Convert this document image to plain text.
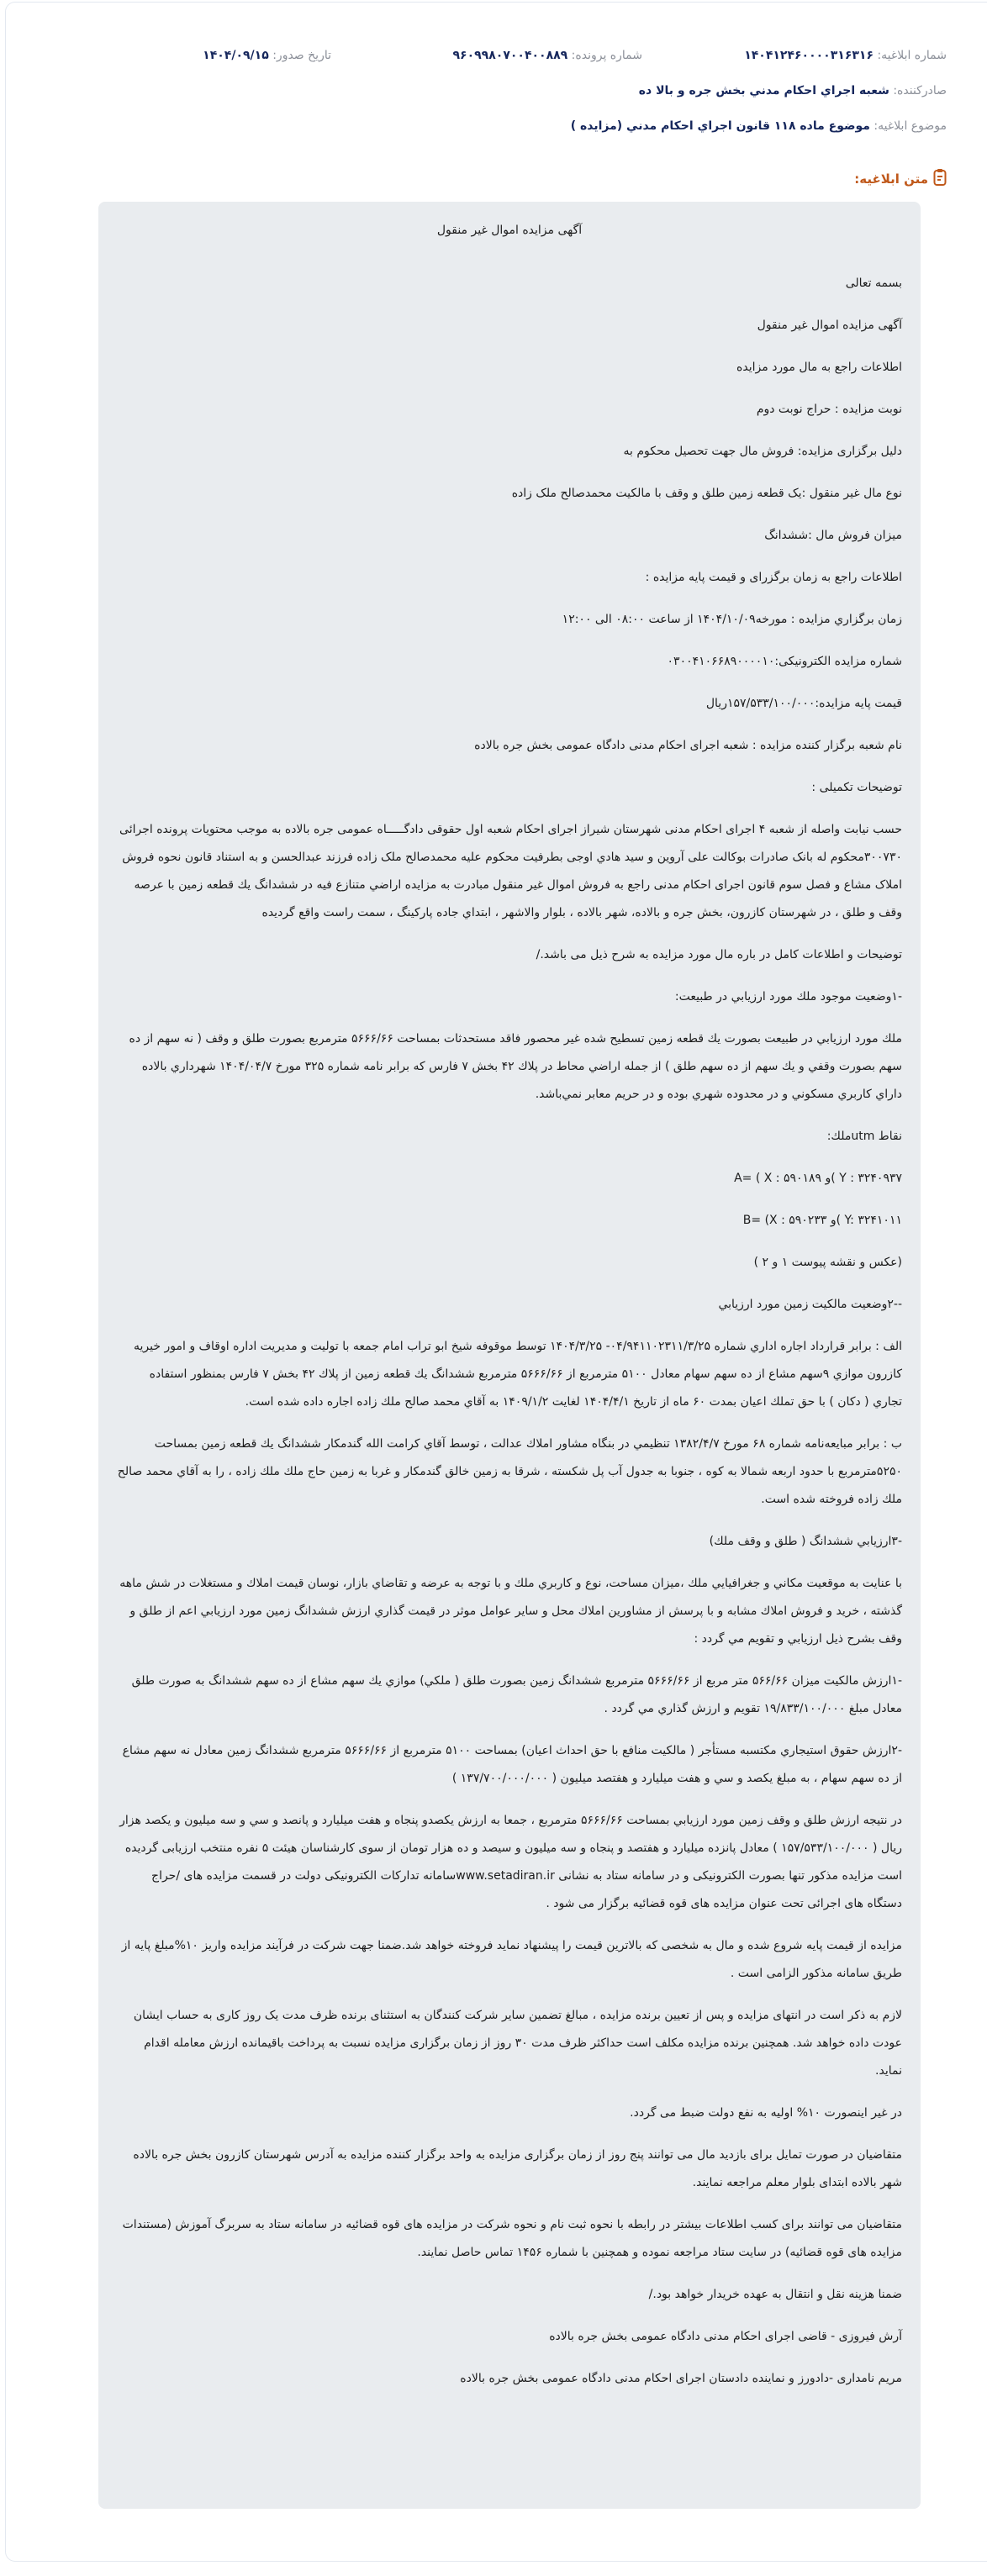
شماره ابلاغیه: ۱۴۰۴۱۲۴۶۰۰۰۰۳۱۶۳۱۶
شماره پرونده: ۹۶۰۹۹۸۰۷۰۰۴۰۰۸۸۹
تاریخ صدور: ۱۴۰۴/۰۹/۱۵
صادرکننده: شعبه اجراي احكام مدني بخش جره و بالا ده
موضوع ابلاغیه: موضوع ماده ۱۱۸ قانون اجراي احكام مدني (مزايده )
متن ابلاغیه:

آگهی مزایده اموال غیر منقول

بسمه تعالی

آگهی مزایده اموال غیر منقول

اطلاعات راجع به مال مورد مزایده

نوبت مزایده : حراج نوبت دوم

دلیل برگزاری مزایده: فروش مال جهت تحصیل محکوم به

نوع مال غیر منقول :یک قطعه زمین طلق و وقف با مالکیت محمدصالح ملک زاده

میزان فروش مال :ششدانگ

اطلاعات راجع به زمان برگزرای و قیمت پایه مزایده :

زمان برگزاري مزایده : مورخه۱۴۰۴/۱۰/۰۹ از ساعت ۰۸:۰۰ الی ۱۲:۰۰

شماره مزایده الکترونیکی:۰۳۰۰۴۱۰۶۶۸۹۰۰۰۰۱۰

قیمت پایه مزایده:۱۵۷/۵۳۳/۱۰۰/۰۰۰ریال

نام شعبه برگزار کننده مزایده : شعبه اجرای احکام مدنی دادگاه عمومی بخش جره بالاده

توضیحات تکمیلی :

حسب نیابت واصله از شعبه ۴ اجرای احکام مدنی شهرستان شیراز اجرای احکام شعبه اول حقوقی دادگـــــاه عمومی جره بالاده به موجب محتویات پرونده اجرائی ۳۰۰۷۳۰محکوم له بانک صادرات بوکالت علی آروین و سید هادي اوجی بطرفیت محکوم علیه محمدصالح ملک زاده فرزند عبدالحسن و به استناد قانون نحوه فروش املاک مشاع و فصل سوم قانون اجرای احکام مدنی راجع به فروش اموال غیر منقول مبادرت به مزایده اراضي متنازع فیه در ششدانگ يك قطعه زمین با عرصه وقف و طلق ، در شهرستان کازرون، بخش جره و بالاده، شهر بالاده ، بلوار والاشهر ، ابتداي جاده پارکینگ ، سمت راست واقع گردیده

توضیحات و اطلاعات کامل در باره مال مورد مزایده به شرح ذیل می باشد./

-۱وضعيت موجود ملك مورد ارزيابي در طبيعت:

ملك مورد ارزيابي در طبيعت بصورت يك قطعه زمين تسطيح شده غير محصور فاقد مستحدثات بمساحت ۵۶۶۶/۶۶ مترمربع بصورت طلق و وقف ( نه سهم از ده سهم بصورت وقفي و يك سهم از ده سهم طلق ) از جمله اراضي محاط در پلاك ۴۲ بخش ۷ فارس كه برابر نامه شماره ۳۲۵ مورخ ۱۴۰۴/۰۴/۷ شهرداري بالاده داراي كاربري مسكوني و در محدوده شهري بوده و در حريم معابر نمي‌باشد.

نقاط utmملك:

A= ( X : ۵۹۰۱۸۹ و( Y : ۳۲۴۰۹۳۷

B= (X : ۵۹۰۲۳۳ و( Y: ۳۲۴۱۰۱۱

(عکس و نقشه پیوست ۱ و ۲ )

--۲وضعيت مالكيت زمين مورد ارزيابي

الف : برابر قرارداد اجاره اداري شماره ۰۴/۹۴۱۱۰۲۳۱۱/۳/۲۵- ۱۴۰۴/۳/۲۵ توسط موقوفه شيخ ابو تراب امام جمعه با توليت و مديريت اداره اوقاف و امور خيريه كازرون موازي ۹سهم مشاع از ده سهم سهام معادل ۵۱۰۰ مترمربع از ۵۶۶۶/۶۶ مترمربع ششدانگ يك قطعه زمين از پلاك ۴۲ بخش ۷ فارس بمنظور استفاده تجاري ( دكان ) با حق تملك اعيان بمدت ۶۰ ماه از تاريخ ۱۴۰۴/۴/۱ لغايت ۱۴۰۹/۱/۲ به آقاي محمد صالح ملك زاده اجاره داده شده است.

ب : برابر مبايعه‌نامه شماره ۶۸ مورخ ۱۳۸۲/۴/۷ تنظيمي در بنگاه مشاور املاك عدالت ، توسط آقاي كرامت الله گندمكار ششدانگ يك قطعه زمين بمساحت ۵۲۵۰مترمربع با حدود اربعه شمالا به كوه ، جنوبا به جدول آب پل شكسته ، شرقا به زمين خالق گندمكار و غربا به زمين حاج ملك ملك زاده ، را به آقاي محمد صالح ملك زاده فروخته شده است.

-۳ارزيابي ششدانگ ( طلق و وقف ملك)

با عنايت به موقعيت مكاني و جغرافيايي ملك ،ميزان مساحت، نوع و كاربري ملك و با توجه به عرضه و تقاضاي بازار، نوسان قيمت املاك و مستغلات در شش ماهه گذشته ، خريد و فروش املاك مشابه و با پرسش از مشاورين املاك محل و ساير عوامل موثر در قيمت گذاري ارزش ششدانگ زمين مورد ارزيابي اعم از طلق و وقف بشرح ذيل ارزيابي و تقويم مي گردد :

-۱ارزش مالكيت ميزان ۵۶۶/۶۶ متر مربع از ۵۶۶۶/۶۶ مترمربع ششدانگ زمين بصورت طلق ( ملكي) موازي يك سهم مشاع از ده سهم ششدانگ به صورت طلق معادل مبلغ ۱۹/۸۳۳/۱۰۰/۰۰۰ تقويم و ارزش گذاري مي گردد .

-۲ارزش حقوق استيجاري مكتسبه مستأجر ( مالكيت منافع با حق احداث اعيان) بمساحت ۵۱۰۰ مترمربع از ۵۶۶۶/۶۶ مترمربع ششدانگ زمين معادل نه سهم مشاع از ده سهم سهام ، به مبلغ يكصد و سي و هفت ميليارد و هفتصد ميليون ( ۱۳۷/۷۰۰/۰۰۰/۰۰۰ )

در نتيجه ارزش طلق و وقف زمين مورد ارزيابي بمساحت ۵۶۶۶/۶۶ مترمربع ، جمعا به ارزش يكصدو پنجاه و هفت ميليارد و پانصد و سي و سه ميليون و يكصد هزار ريال ( ۱۵۷/۵۳۳/۱۰۰/۰۰۰ ) معادل پانزده ميليارد و هفتصد و پنجاه و سه ميليون و سیصد و ده هزار تومان از سوی کارشناسان هیئت ۵ نفره منتخب ارزیابی گردیده است مزایده مذکور تنها بصورت الکترونیکی و در سامانه ستاد به نشانی www.setadiran.irسامانه تدارکات الکترونیکی دولت در قسمت مزایده های /حراج دستگاه های اجرائی تحت عنوان مزایده های قوه قضائیه برگزار می شود .

مزایده از قیمت پایه شروع شده و مال به شخصی که بالاترین قیمت را پیشنهاد نماید فروخته خواهد شد.ضمنا جهت شرکت در فرآیند مزایده واریز ۱۰%مبلغ پایه از طریق سامانه مذکور الزامی است .

لازم به ذکر است در انتهای مزایده و پس از تعیین برنده مزایده ، مبالغ تضمین سایر شرکت کنندگان به استثنای برنده ظرف مدت یک روز کاری به حساب ایشان عودت داده خواهد شد. همچنین برنده مزایده مکلف است حداکثر ظرف مدت ۳۰ روز از زمان برگزاری مزایده نسبت به پرداخت باقیمانده ارزش معامله اقدام نماید.

در غیر اینصورت ۱۰% اولیه به نفع دولت ضبط می گردد.

متقاضیان در صورت تمایل برای بازدید مال می توانند پنج روز از زمان برگزاری مزایده به واحد برگزار کننده مزایده به آدرس شهرستان کازرون بخش جره بالاده شهر بالاده ابتدای بلوار معلم مراجعه نمایند.

متقاضیان می توانند برای کسب اطلاعات بیشتر در رابطه با نحوه ثبت نام و نحوه شرکت در مزایده های قوه قضائیه در سامانه ستاد به سربرگ آموزش (مستندات مزایده های قوه قضائیه) در سایت ستاد مراجعه نموده و همچنین با شماره ۱۴۵۶ تماس حاصل نمایند.

ضمنا هزینه نقل و انتقال به عهده خریدار خواهد بود./

آرش فیروزی - قاضی اجرای احکام مدنی دادگاه عمومی بخش جره بالاده

مریم نامداری -دادورز و نماینده دادستان اجرای احکام مدنی دادگاه عمومی بخش جره بالاده
